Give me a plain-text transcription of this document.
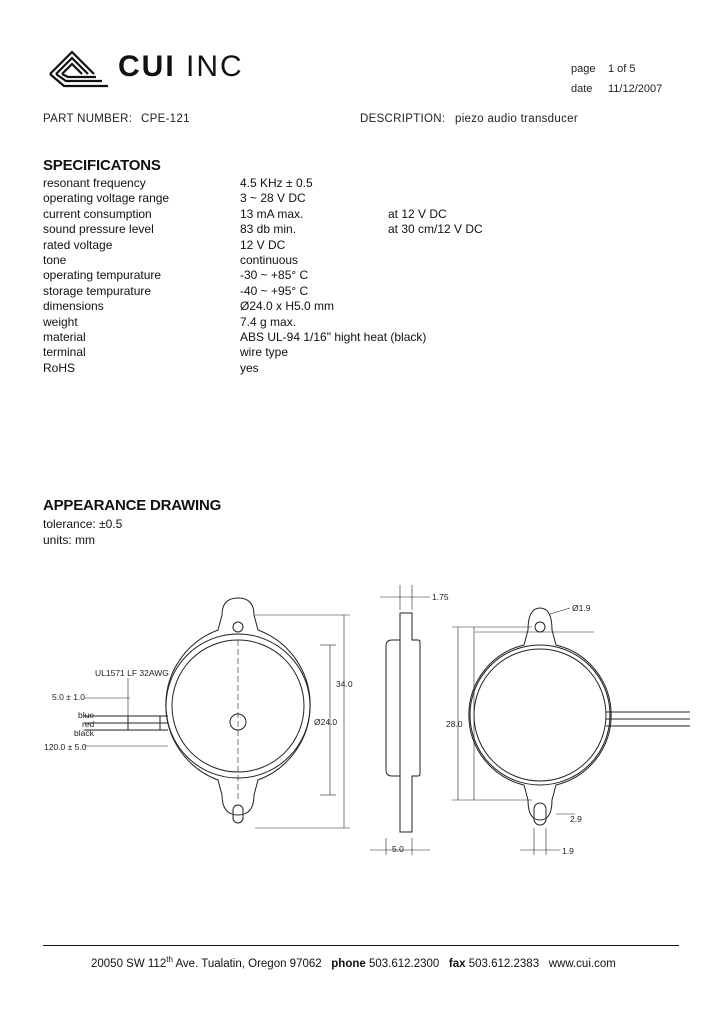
CUI INC	page 1 of 5
date 11/12/2007
PART NUMBER: CPE-121	DESCRIPTION: piezo audio transducer
SPECIFICATONS
resonant frequency	4.5 KHz ± 0.5
operating voltage range	3 ~ 28 V DC
current consumption	13 mA max.	at 12 V DC
sound pressure level	83 db min.	at 30 cm/12 V DC
rated voltage	12 V DC
tone	continuous
operating tempurature	-30 ~ +85° C
storage tempurature	-40 ~ +95° C
dimensions	Ø24.0 x H5.0 mm
weight	7.4 g max.
material	ABS UL-94 1/16" hight heat (black)
terminal	wire type
RoHS	yes
APPEARANCE DRAWING
tolerance: ±0.5
units: mm
UL1571 LF 32AWG
5.0 ± 1.0
blue
red
black
120.0 ± 5.0
34.0
Ø24.0
1.75
5.0
Ø1.9
28.0
2.9
1.9
20050 SW 112th Ave. Tualatin, Oregon 97062 phone 503.612.2300 fax 503.612.2383 www.cui.com
